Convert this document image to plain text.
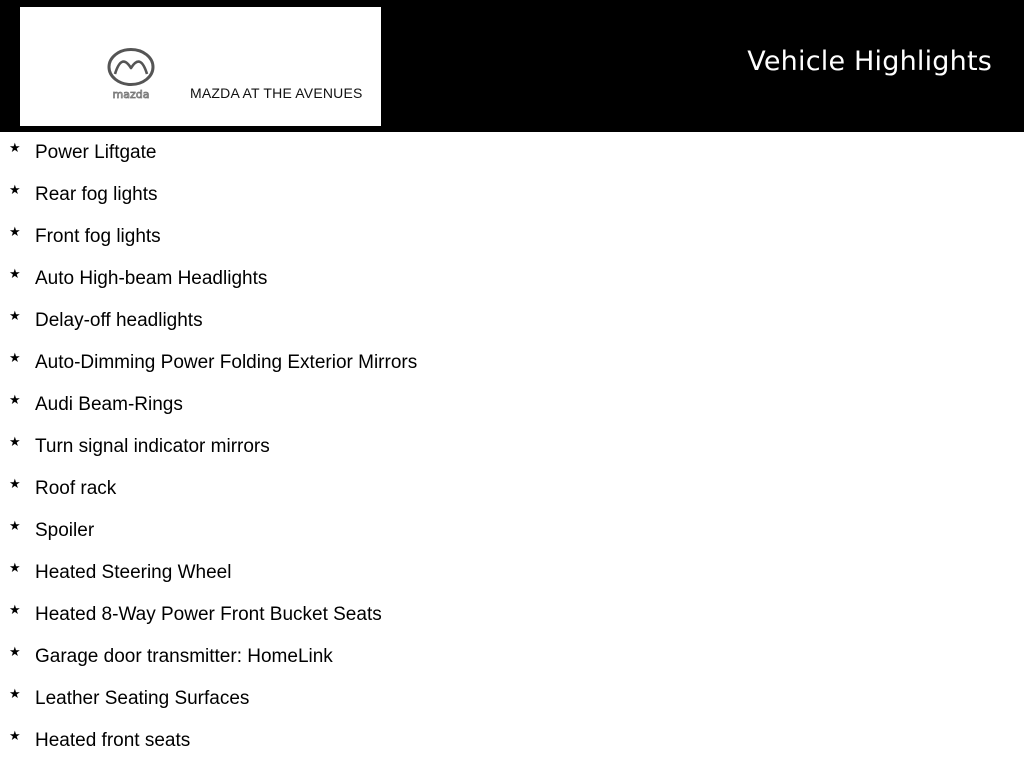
mazda	MAZDA AT THE AVENUES
Vehicle Highlights
★ Power Liftgate
★ Rear fog lights
★ Front fog lights
★ Auto High-beam Headlights
★ Delay-off headlights
★ Auto-Dimming Power Folding Exterior Mirrors
★ Audi Beam-Rings
★ Turn signal indicator mirrors
★ Roof rack
★ Spoiler
★ Heated Steering Wheel
★ Heated 8-Way Power Front Bucket Seats
★ Garage door transmitter: HomeLink
★ Leather Seating Surfaces
★ Heated front seats
